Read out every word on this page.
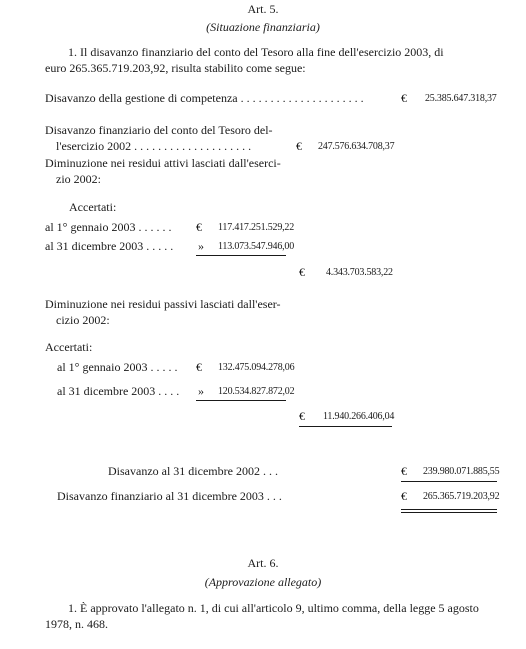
Art. 5.
(Situazione finanziaria)
1. Il disavanzo finanziario del conto del Tesoro alla fine dell'esercizio 2003, di
euro 265.365.719.203,92, risulta stabilito come segue:
Disavanzo della gestione di competenza . . . . . . . . . . . . . . . . . . . . .	€ 25.385.647.318,37
Disavanzo finanziario del conto del Tesoro del-
l'esercizio 2002 . . . . . . . . . . . . . . . . . . . .	€ 247.576.634.708,37
Diminuzione nei residui attivi lasciati dall'eserci-
zio 2002:
Accertati:
al 1° gennaio 2003 . . . . . . € 117.417.251.529,22
al 31 dicembre 2003 . . . . . » 113.073.547.946,00
€ 4.343.703.583,22
Diminuzione nei residui passivi lasciati dall'eser-
cizio 2002:
Accertati:
al 1° gennaio 2003 . . . . . € 132.475.094.278,06
al 31 dicembre 2003 . . . . » 120.534.827.872,02
€ 11.940.266.406,04
Disavanzo al 31 dicembre 2002 . . .	€ 239.980.071.885,55
Disavanzo finanziario al 31 dicembre 2003 . . .	€ 265.365.719.203,92
Art. 6.
(Approvazione allegato)
1. È approvato l'allegato n. 1, di cui all'articolo 9, ultimo comma, della legge 5 agosto
1978, n. 468.
